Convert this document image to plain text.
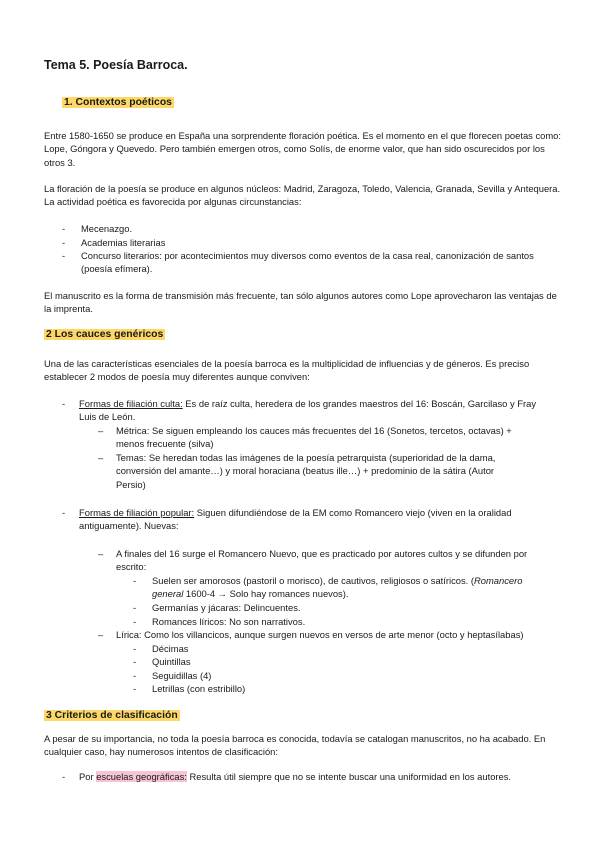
Tema 5. Poesía Barroca.

1. Contextos poéticos

Entre 1580-1650 se produce en España una sorprendente floración poética. Es el momento en el que florecen poetas como: Lope, Góngora y Quevedo. Pero también emergen otros, como Solís, de enorme valor, que han sido oscurecidos por los otros 3.

La floración de la poesía se produce en algunos núcleos: Madrid, Zaragoza, Toledo, Valencia, Granada, Sevilla y Antequera. La actividad poética es favorecida por algunas circunstancias:

- Mecenazgo.
- Academias literarias
- Concurso literarios: por acontecimientos muy diversos como eventos de la casa real, canonización de santos (poesía efímera).

El manuscrito es la forma de transmisión más frecuente, tan sólo algunos autores como Lope aprovecharon las ventajas de la imprenta.

2 Los cauces genéricos

Una de las características esenciales de la poesía barroca es la multiplicidad de influencias y de géneros. Es preciso establecer 2 modos de poesía muy diferentes aunque conviven:

- Formas de filiación culta: Es de raíz culta, heredera de los grandes maestros del 16: Boscán, Garcilaso y Fray Luis de León.
– Métrica: Se siguen empleando los cauces más frecuentes del 16 (Sonetos, tercetos, octavas) + menos frecuente (silva)
– Temas: Se heredan todas las imágenes de la poesía petrarquista (superioridad de la dama, conversión del amante…) y moral horaciana (beatus ille…) + predominio de la sátira (Autor Persio)
- Formas de filiación popular: Siguen difundiéndose de la EM como Romancero viejo (viven en la oralidad antiguamente). Nuevas:
– A finales del 16 surge el Romancero Nuevo, que es practicado por autores cultos y se difunden por escrito:
- Suelen ser amorosos (pastoril o morisco), de cautivos, religiosos o satíricos. (Romancero general 1600-4 → Solo hay romances nuevos).
- Germanías y jácaras: Delincuentes.
- Romances líricos: No son narrativos.
– Lírica: Como los villancicos, aunque surgen nuevos en versos de arte menor (octo y heptasílabas)
- Décimas
- Quintillas
- Seguidillas (4)
- Letrillas (con estribillo)

3 Criterios de clasificación

A pesar de su importancia, no toda la poesía barroca es conocida, todavía se catalogan manuscritos, no ha acabado. En cualquier caso, hay numerosos intentos de clasificación:

- Por escuelas geográficas: Resulta útil siempre que no se intente buscar una uniformidad en los autores.
